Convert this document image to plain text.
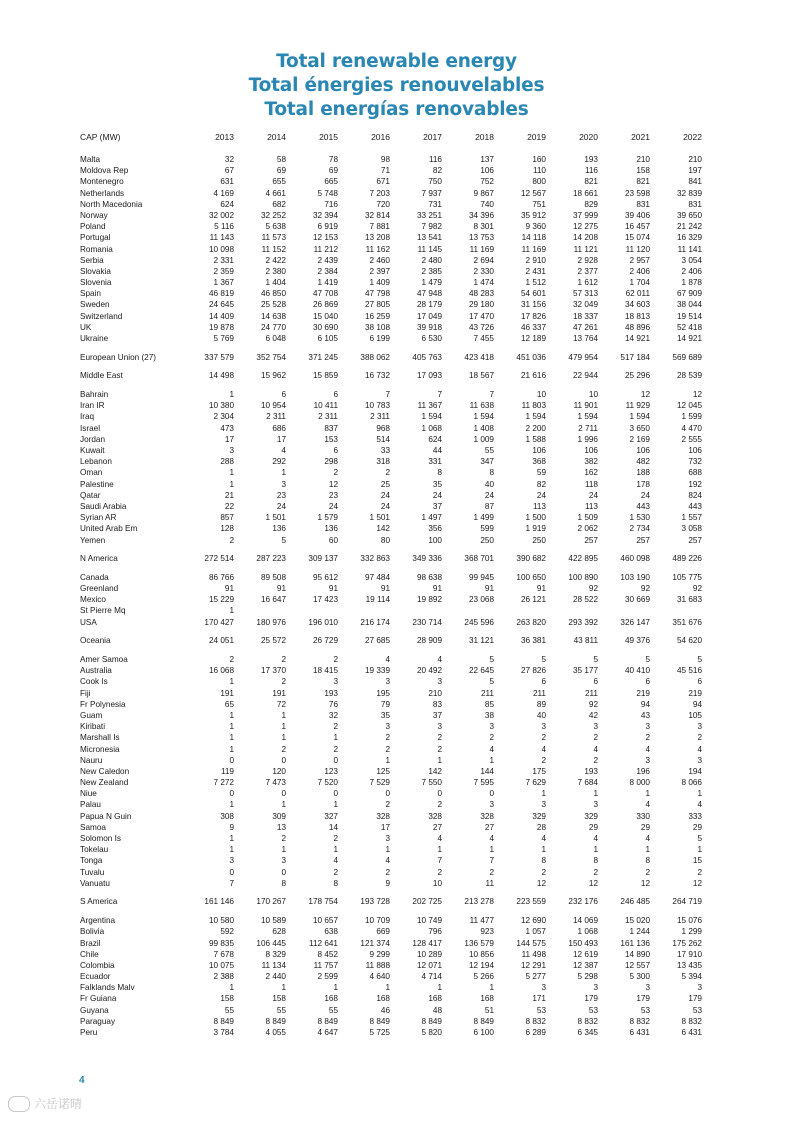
Total renewable energy
Total énergies renouvelables
Total energías renovables
CAP (MW)	2013	2014	2015	2016	2017	2018	2019	2020	2021	2022
Malta	32	58	78	98	116	137	160	193	210	210
Moldova Rep	67	69	69	71	82	106	110	116	158	197
Montenegro	631	655	665	671	750	752	800	821	821	841
Netherlands	4 169	4 661	5 748	7 203	7 937	9 867	12 567	18 661	23 598	32 839
North Macedonia	624	682	716	720	731	740	751	829	831	831
Norway	32 002	32 252	32 394	32 814	33 251	34 396	35 912	37 999	39 406	39 650
Poland	5 116	5 638	6 919	7 881	7 982	8 301	9 360	12 275	16 457	21 242
Portugal	11 143	11 573	12 153	13 208	13 541	13 753	14 118	14 208	15 074	16 329
Romania	10 098	11 152	11 212	11 162	11 145	11 169	11 169	11 121	11 120	11 141
Serbia	2 331	2 422	2 439	2 460	2 480	2 694	2 910	2 928	2 957	3 054
Slovakia	2 359	2 380	2 384	2 397	2 385	2 330	2 431	2 377	2 406	2 406
Slovenia	1 367	1 404	1 419	1 409	1 479	1 474	1 512	1 612	1 704	1 878
Spain	46 819	46 850	47 708	47 798	47 948	48 283	54 601	57 313	62 011	67 909
Sweden	24 645	25 528	26 869	27 805	28 179	29 180	31 156	32 049	34 603	38 044
Switzerland	14 409	14 638	15 040	16 259	17 049	17 470	17 826	18 337	18 813	19 514
UK	19 878	24 770	30 690	38 108	39 918	43 726	46 337	47 261	48 896	52 418
Ukraine	5 769	6 048	6 105	6 199	6 530	7 455	12 189	13 764	14 921	14 921
European Union (27)	337 579	352 754	371 245	388 062	405 763	423 418	451 036	479 954	517 184	569 689
Middle East	14 498	15 962	15 859	16 732	17 093	18 567	21 616	22 944	25 296	28 539
Bahrain	1	6	6	7	7	7	10	10	12	12
Iran IR	10 380	10 954	10 411	10 783	11 367	11 638	11 803	11 901	11 929	12 045
Iraq	2 304	2 311	2 311	2 311	1 594	1 594	1 594	1 594	1 594	1 599
Israel	473	686	837	968	1 068	1 408	2 200	2 711	3 650	4 470
Jordan	17	17	153	514	624	1 009	1 588	1 996	2 169	2 555
Kuwait	3	4	6	33	44	55	106	106	106	106
Lebanon	288	292	298	318	331	347	368	382	482	732
Oman	1	1	2	2	8	8	59	162	188	688
Palestine	1	3	12	25	35	40	82	118	178	192
Qatar	21	23	23	24	24	24	24	24	24	824
Saudi Arabia	22	24	24	24	37	87	113	113	443	443
Syrian AR	857	1 501	1 579	1 501	1 497	1 499	1 500	1 509	1 530	1 557
United Arab Em	128	136	136	142	356	599	1 919	2 062	2 734	3 058
Yemen	2	5	60	80	100	250	250	257	257	257
N America	272 514	287 223	309 137	332 863	349 336	368 701	390 682	422 895	460 098	489 226
Canada	86 766	89 508	95 612	97 484	98 638	99 945	100 650	100 890	103 190	105 775
Greenland	91	91	91	91	91	91	91	92	92	92
Mexico	15 229	16 647	17 423	19 114	19 892	23 068	26 121	28 522	30 669	31 683
St Pierre Mq	1
USA	170 427	180 976	196 010	216 174	230 714	245 596	263 820	293 392	326 147	351 676
Oceania	24 051	25 572	26 729	27 685	28 909	31 121	36 381	43 811	49 376	54 620
Amer Samoa	2	2	2	4	4	5	5	5	5	5
Australia	16 068	17 370	18 415	19 339	20 492	22 645	27 826	35 177	40 410	45 516
Cook Is	1	2	3	3	3	5	6	6	6	6
Fiji	191	191	193	195	210	211	211	211	219	219
Fr Polynesia	65	72	76	79	83	85	89	92	94	94
Guam	1	1	32	35	37	38	40	42	43	105
Kiribati	1	1	2	3	3	3	3	3	3	3
Marshall Is	1	1	1	2	2	2	2	2	2	2
Micronesia	1	2	2	2	2	4	4	4	4	4
Nauru	0	0	0	1	1	1	2	2	3	3
New Caledon	119	120	123	125	142	144	175	193	196	194
New Zealand	7 272	7 473	7 520	7 529	7 550	7 595	7 629	7 684	8 000	8 066
Niue	0	0	0	0	0	0	1	1	1	1
Palau	1	1	1	2	2	3	3	3	4	4
Papua N Guin	308	309	327	328	328	328	329	329	330	333
Samoa	9	13	14	17	27	27	28	29	29	29
Solomon Is	1	2	2	3	4	4	4	4	4	5
Tokelau	1	1	1	1	1	1	1	1	1	1
Tonga	3	3	4	4	7	7	8	8	8	15
Tuvalu	0	0	2	2	2	2	2	2	2	2
Vanuatu	7	8	8	9	10	11	12	12	12	12
S America	161 146	170 267	178 754	193 728	202 725	213 278	223 559	232 176	246 485	264 719
Argentina	10 580	10 589	10 657	10 709	10 749	11 477	12 690	14 069	15 020	15 076
Bolivia	592	628	638	669	796	923	1 057	1 068	1 244	1 299
Brazil	99 835	106 445	112 641	121 374	128 417	136 579	144 575	150 493	161 136	175 262
Chile	7 678	8 329	8 452	9 299	10 289	10 856	11 498	12 619	14 890	17 910
Colombia	10 075	11 134	11 757	11 888	12 071	12 194	12 291	12 387	12 557	13 435
Ecuador	2 388	2 440	2 599	4 640	4 714	5 266	5 277	5 298	5 300	5 394
Falklands Malv	1	1	1	1	1	1	3	3	3	3
Fr Guiana	158	158	168	168	168	168	171	179	179	179
Guyana	55	55	55	46	48	51	53	53	53	53
Paraguay	8 849	8 849	8 849	8 849	8 849	8 849	8 832	8 832	8 832	8 832
Peru	3 784	4 055	4 647	5 725	5 820	6 100	6 289	6 345	6 431	6 431
4
六岳诺晴
